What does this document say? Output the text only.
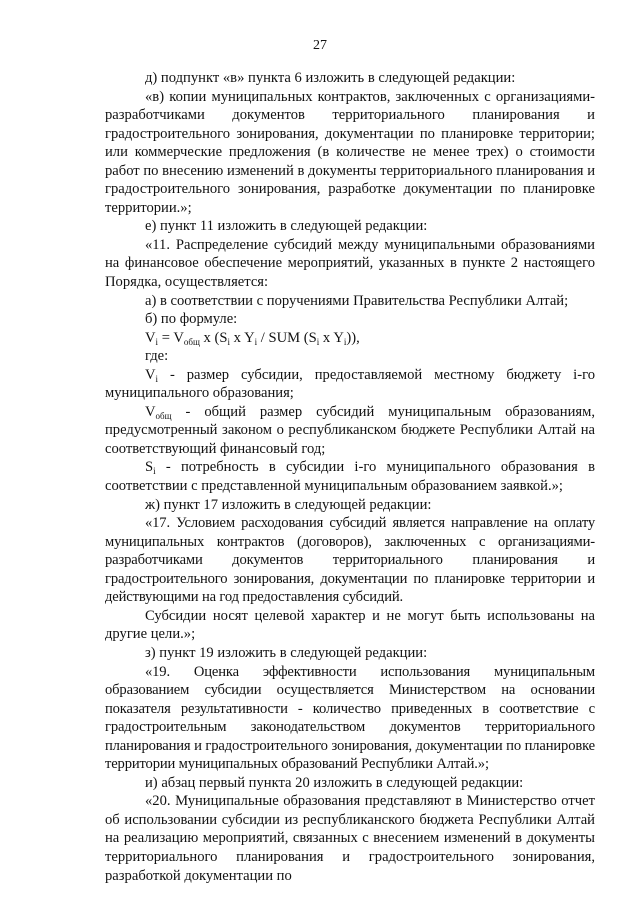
27

д) подпункт «в» пункта 6 изложить в следующей редакции:

«в) копии муниципальных контрактов, заключенных с организациями-разработчиками документов территориального планирования и градостроительного зонирования, документации по планировке территории; или коммерческие предложения (в количестве не менее трех) о стоимости работ по внесению изменений в документы территориального планирования и градостроительного зонирования, разработке документации по планировке территории.»;

е) пункт 11 изложить в следующей редакции:

«11. Распределение субсидий между муниципальными образованиями на финансовое обеспечение мероприятий, указанных в пункте 2 настоящего Порядка, осуществляется:

а) в соответствии с поручениями Правительства Республики Алтай;

б) по формуле:

$V_i = V_{общ}$ x ($S_i$ x $Y_i$ / SUM ($S_i$ x $Y_i$)),

где:

$V_i$ - размер субсидии, предоставляемой местному бюджету i-го муниципального образования;

$V_{общ}$ - общий размер субсидий муниципальным образованиям, предусмотренный законом о республиканском бюджете Республики Алтай на соответствующий финансовый год;

$S_i$ - потребность в субсидии i-го муниципального образования в соответствии с представленной муниципальным образованием заявкой.»;

ж) пункт 17 изложить в следующей редакции:

«17. Условием расходования субсидий является направление на оплату муниципальных контрактов (договоров), заключенных с организациями-разработчиками документов территориального планирования и градостроительного зонирования, документации по планировке территории и действующими на год предоставления субсидий.

Субсидии носят целевой характер и не могут быть использованы на другие цели.»;

з) пункт 19 изложить в следующей редакции:

«19. Оценка эффективности использования муниципальным образованием субсидии осуществляется Министерством на основании показателя результативности - количество приведенных в соответствие с градостроительным законодательством документов территориального планирования и градостроительного зонирования, документации по планировке территории муниципальных образований Республики Алтай.»;

и) абзац первый пункта 20 изложить в следующей редакции:

«20. Муниципальные образования представляют в Министерство отчет об использовании субсидии из республиканского бюджета Республики Алтай на реализацию мероприятий, связанных с внесением изменений в документы территориального планирования и градостроительного зонирования, разработкой документации по
